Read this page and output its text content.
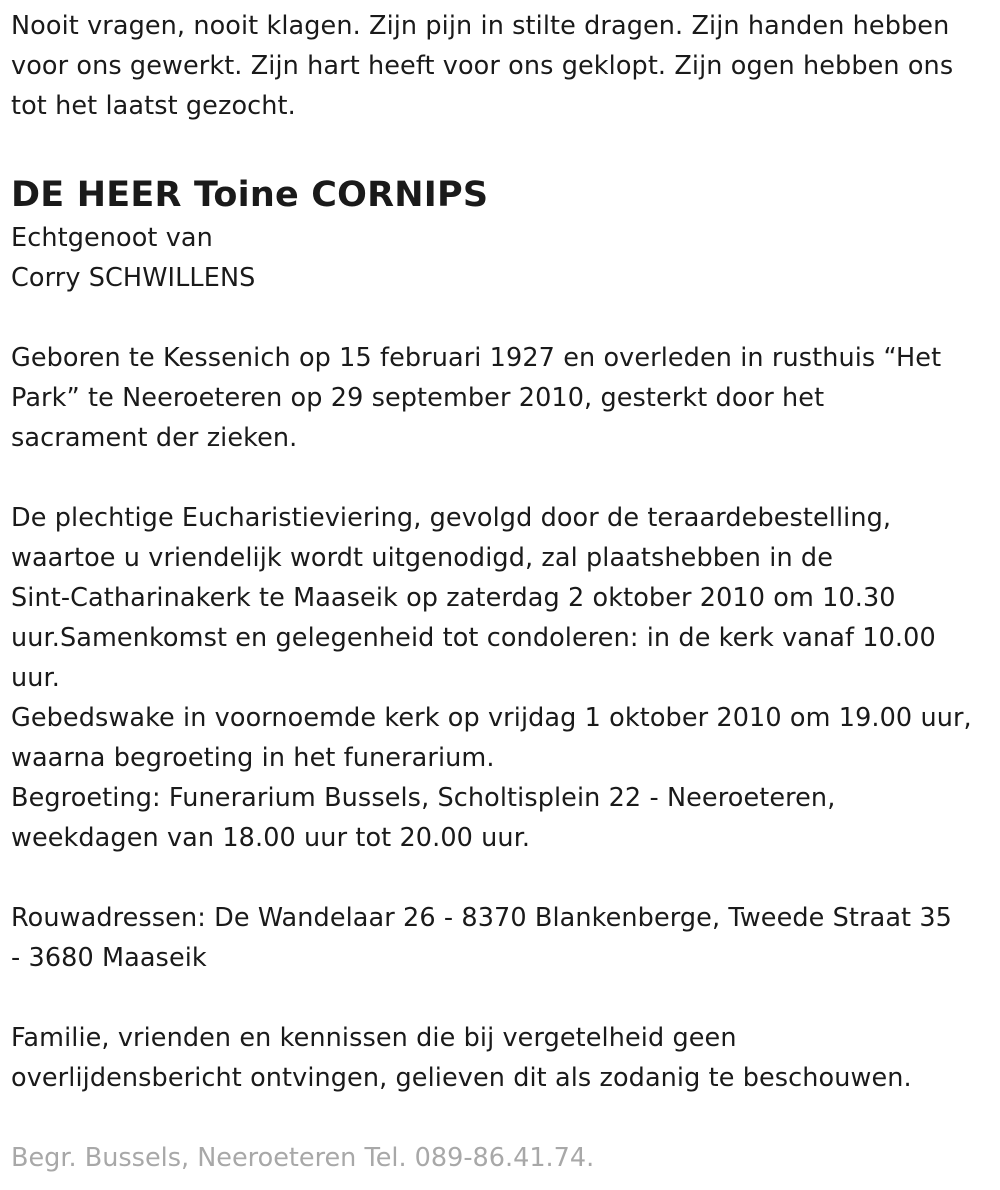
Nooit vragen, nooit klagen. Zijn pijn in stilte dragen. Zijn handen hebben
voor ons gewerkt. Zijn hart heeft voor ons geklopt. Zijn ogen hebben ons
tot het laatst gezocht.

DE HEER Toine CORNIPS

Echtgenoot van
Corry SCHWILLENS

Geboren te Kessenich op 15 februari 1927 en overleden in rusthuis “Het
Park” te Neeroeteren op 29 september 2010, gesterkt door het
sacrament der zieken.

De plechtige Eucharistieviering, gevolgd door de teraardebestelling,
waartoe u vriendelijk wordt uitgenodigd, zal plaatshebben in de
Sint-Catharinakerk te Maaseik op zaterdag 2 oktober 2010 om 10.30
uur.Samenkomst en gelegenheid tot condoleren: in de kerk vanaf 10.00
uur.
Gebedswake in voornoemde kerk op vrijdag 1 oktober 2010 om 19.00 uur,
waarna begroeting in het funerarium.
Begroeting: Funerarium Bussels, Scholtisplein 22 - Neeroeteren,
weekdagen van 18.00 uur tot 20.00 uur.

Rouwadressen: De Wandelaar 26 - 8370 Blankenberge, Tweede Straat 35
- 3680 Maaseik

Familie, vrienden en kennissen die bij vergetelheid geen
overlijdensbericht ontvingen, gelieven dit als zodanig te beschouwen.

Begr. Bussels, Neeroeteren Tel. 089-86.41.74.
